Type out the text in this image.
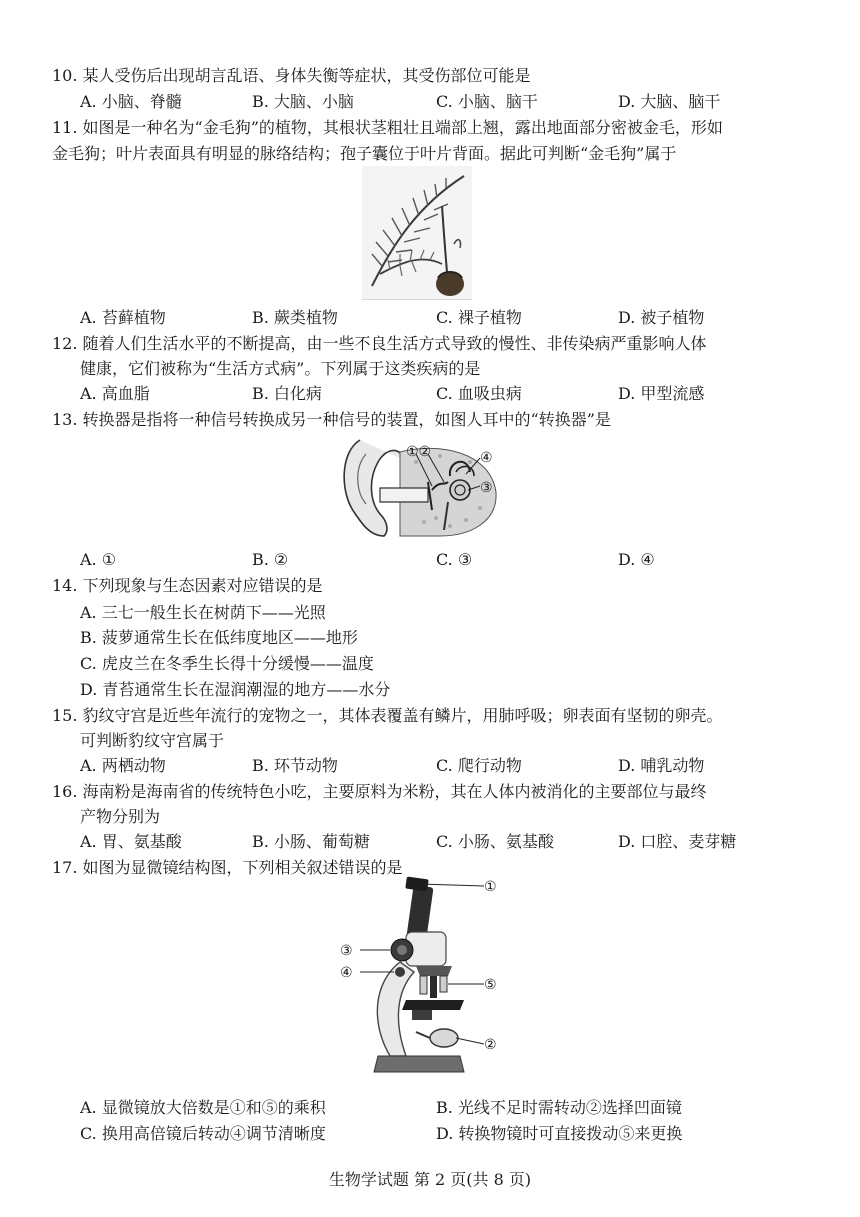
10. 某人受伤后出现胡言乱语、身体失衡等症状，其受伤部位可能是
A. 小脑、脊髓	B. 大脑、小脑	C. 小脑、脑干	D. 大脑、脑干
11. 如图是一种名为“金毛狗”的植物，其根状茎粗壮且端部上翘，露出地面部分密被金毛，形如
金毛狗；叶片表面具有明显的脉络结构；孢子囊位于叶片背面。据此可判断“金毛狗”属于
A. 苔藓植物	B. 蕨类植物	C. 裸子植物	D. 被子植物
12. 随着人们生活水平的不断提高，由一些不良生活方式导致的慢性、非传染病严重影响人体
健康，它们被称为“生活方式病”。下列属于这类疾病的是
A. 高血脂	B. 白化病	C. 血吸虫病	D. 甲型流感
13. 转换器是指将一种信号转换成另一种信号的装置，如图人耳中的“转换器”是
①②	④
③
A. ①	B. ②	C. ③	D. ④
14. 下列现象与生态因素对应错误的是
A. 三七一般生长在树荫下——光照
B. 菠萝通常生长在低纬度地区——地形
C. 虎皮兰在冬季生长得十分缓慢——温度
D. 青苔通常生长在湿润潮湿的地方——水分
15. 豹纹守宫是近些年流行的宠物之一，其体表覆盖有鳞片，用肺呼吸；卵表面有坚韧的卵壳。
可判断豹纹守宫属于
A. 两栖动物	B. 环节动物	C. 爬行动物	D. 哺乳动物
16. 海南粉是海南省的传统特色小吃，主要原料为米粉，其在人体内被消化的主要部位与最终
产物分别为
A. 胃、氨基酸	B. 小肠、葡萄糖	C. 小肠、氨基酸	D. 口腔、麦芽糖
17. 如图为显微镜结构图，下列相关叙述错误的是
①
③
④
⑤
②
A. 显微镜放大倍数是①和⑤的乘积	B. 光线不足时需转动②选择凹面镜
C. 换用高倍镜后转动④调节清晰度	D. 转换物镜时可直接拨动⑤来更换
生物学试题 第 2 页(共 8 页)
